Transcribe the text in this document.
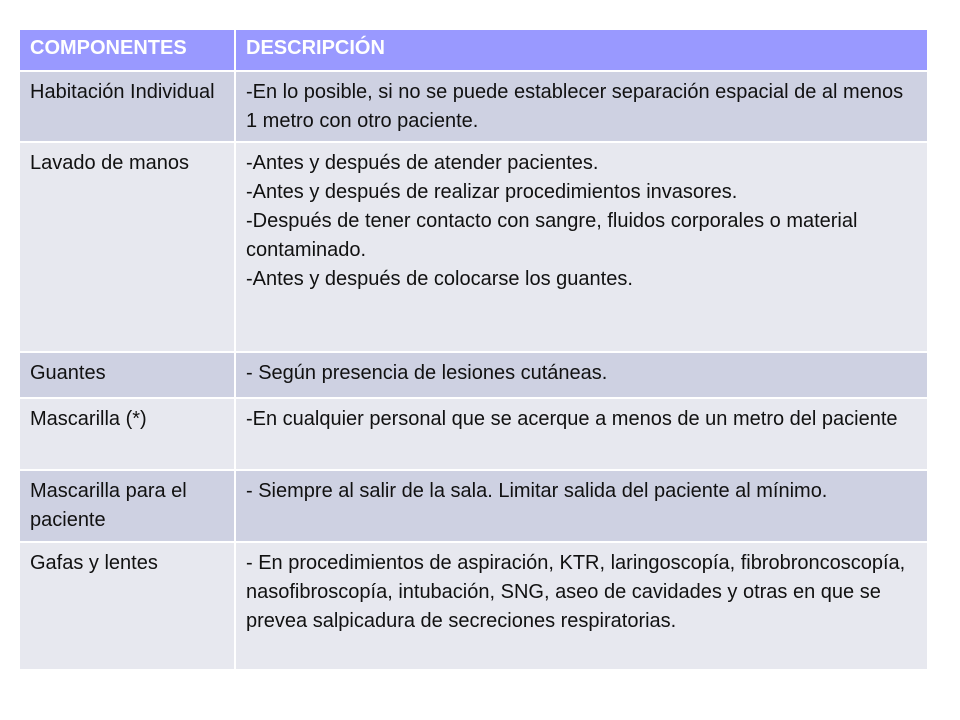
COMPONENTES	DESCRIPCIÓN
Habitación Individual	-En lo posible, si no se puede establecer separación espacial de al menos 1 metro con otro paciente.

Lavado de manos	-Antes y después de atender pacientes.
-Antes y después de realizar procedimientos invasores.
-Después de tener contacto con sangre, fluidos corporales o material contaminado.
-Antes y después de colocarse los guantes.

Guantes	- Según presencia de lesiones cutáneas.

Mascarilla (*)	-En cualquier personal que se acerque a menos de un metro del paciente

Mascarilla para el paciente	- Siempre al salir de la sala. Limitar salida del paciente al mínimo.

Gafas y lentes	- En procedimientos de aspiración, KTR, laringoscopía, fibrobroncoscopía, nasofibroscopía, intubación, SNG, aseo de cavidades y otras en que se prevea salpicadura de secreciones respiratorias.
